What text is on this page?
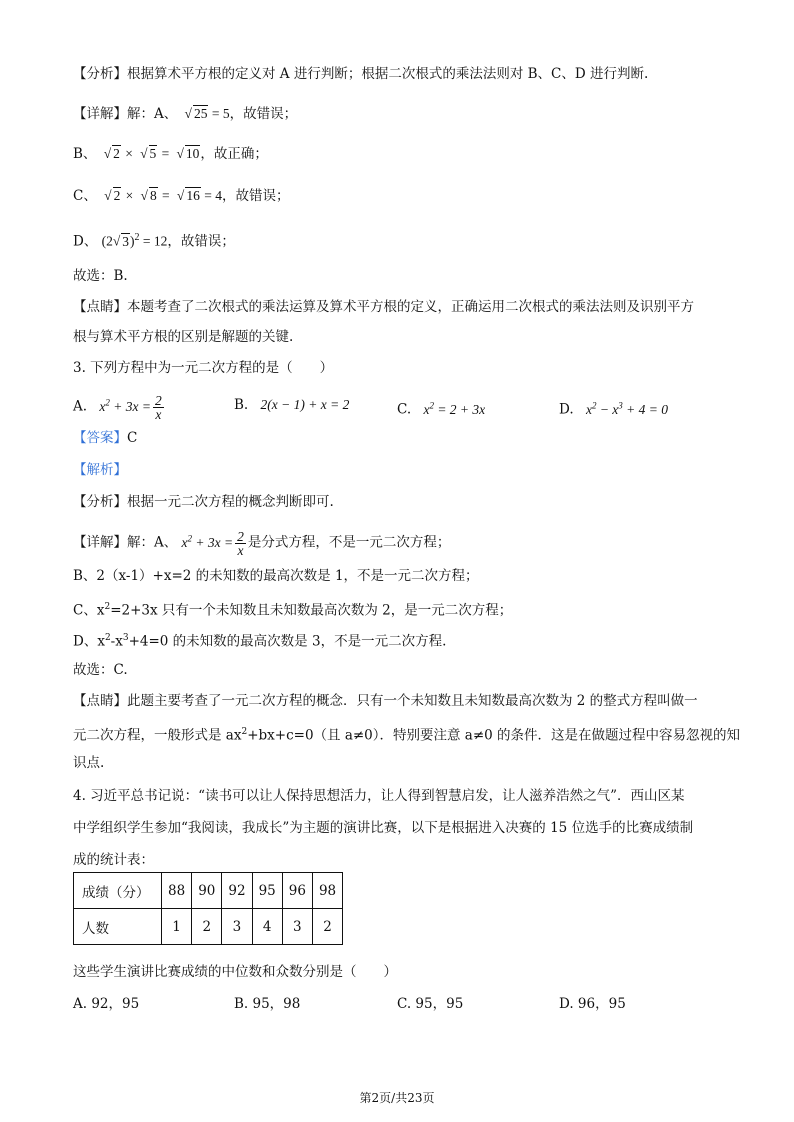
【分析】根据算术平方根的定义对 A 进行判断；根据二次根式的乘法法则对 B、C、D 进行判断.
【详解】解：A、 √ 25 = 5，故错误；
B、 √ 2 × √ 5 = √ 10，故正确；
C、 √ 2 × √ 8 = √ 16 = 4，故错误；
D、 (2√ 3)$^2$ = 12，故错误；
故选：B.
【点睛】本题考查了二次根式的乘法运算及算术平方根的定义，正确运用二次根式的乘法法则及识别平方
根与算术平方根的区别是解题的关键.
3. 下列方程中为一元二次方程的是（　　）
A. $x^2 + 3x = \frac{2}{x}$	B. 2(x − 1) + x = 2	C. $x^2 = 2 + 3x$	D. $x^2 - x^3 + 4 = 0$
【答案】C
【解析】
【分析】根据一元二次方程的概念判断即可.
【详解】解：A、 $x^2 + 3x = \frac{2}{x}$ 是分式方程，不是一元二次方程；
B、2（x-1）+x=2 的未知数的最高次数是 1，不是一元二次方程；
C、$x^2=2+3x$ 只有一个未知数且未知数最高次数为 2，是一元二次方程；
D、$x^2-x^3+4=0$ 的未知数的最高次数是 3，不是一元二次方程.
故选：C.
【点睛】此题主要考查了一元二次方程的概念．只有一个未知数且未知数最高次数为 2 的整式方程叫做一
元二次方程，一般形式是 $ax^2+bx+c=0$（且 a≠0）．特别要注意 a≠0 的条件．这是在做题过程中容易忽视的知
识点.
4. 习近平总书记说：“读书可以让人保持思想活力，让人得到智慧启发，让人滋养浩然之气”．西山区某
中学组织学生参加“我阅读，我成长”为主题的演讲比赛，以下是根据进入决赛的 15 位选手的比赛成绩制
成的统计表：
成绩（分）	88	90	92	95	96	98
人数	1	2	3	4	3	2
这些学生演讲比赛成绩的中位数和众数分别是（　　）
A. 92，95	B. 95，98	C. 95，95	D. 96，95
第2页/共23页
